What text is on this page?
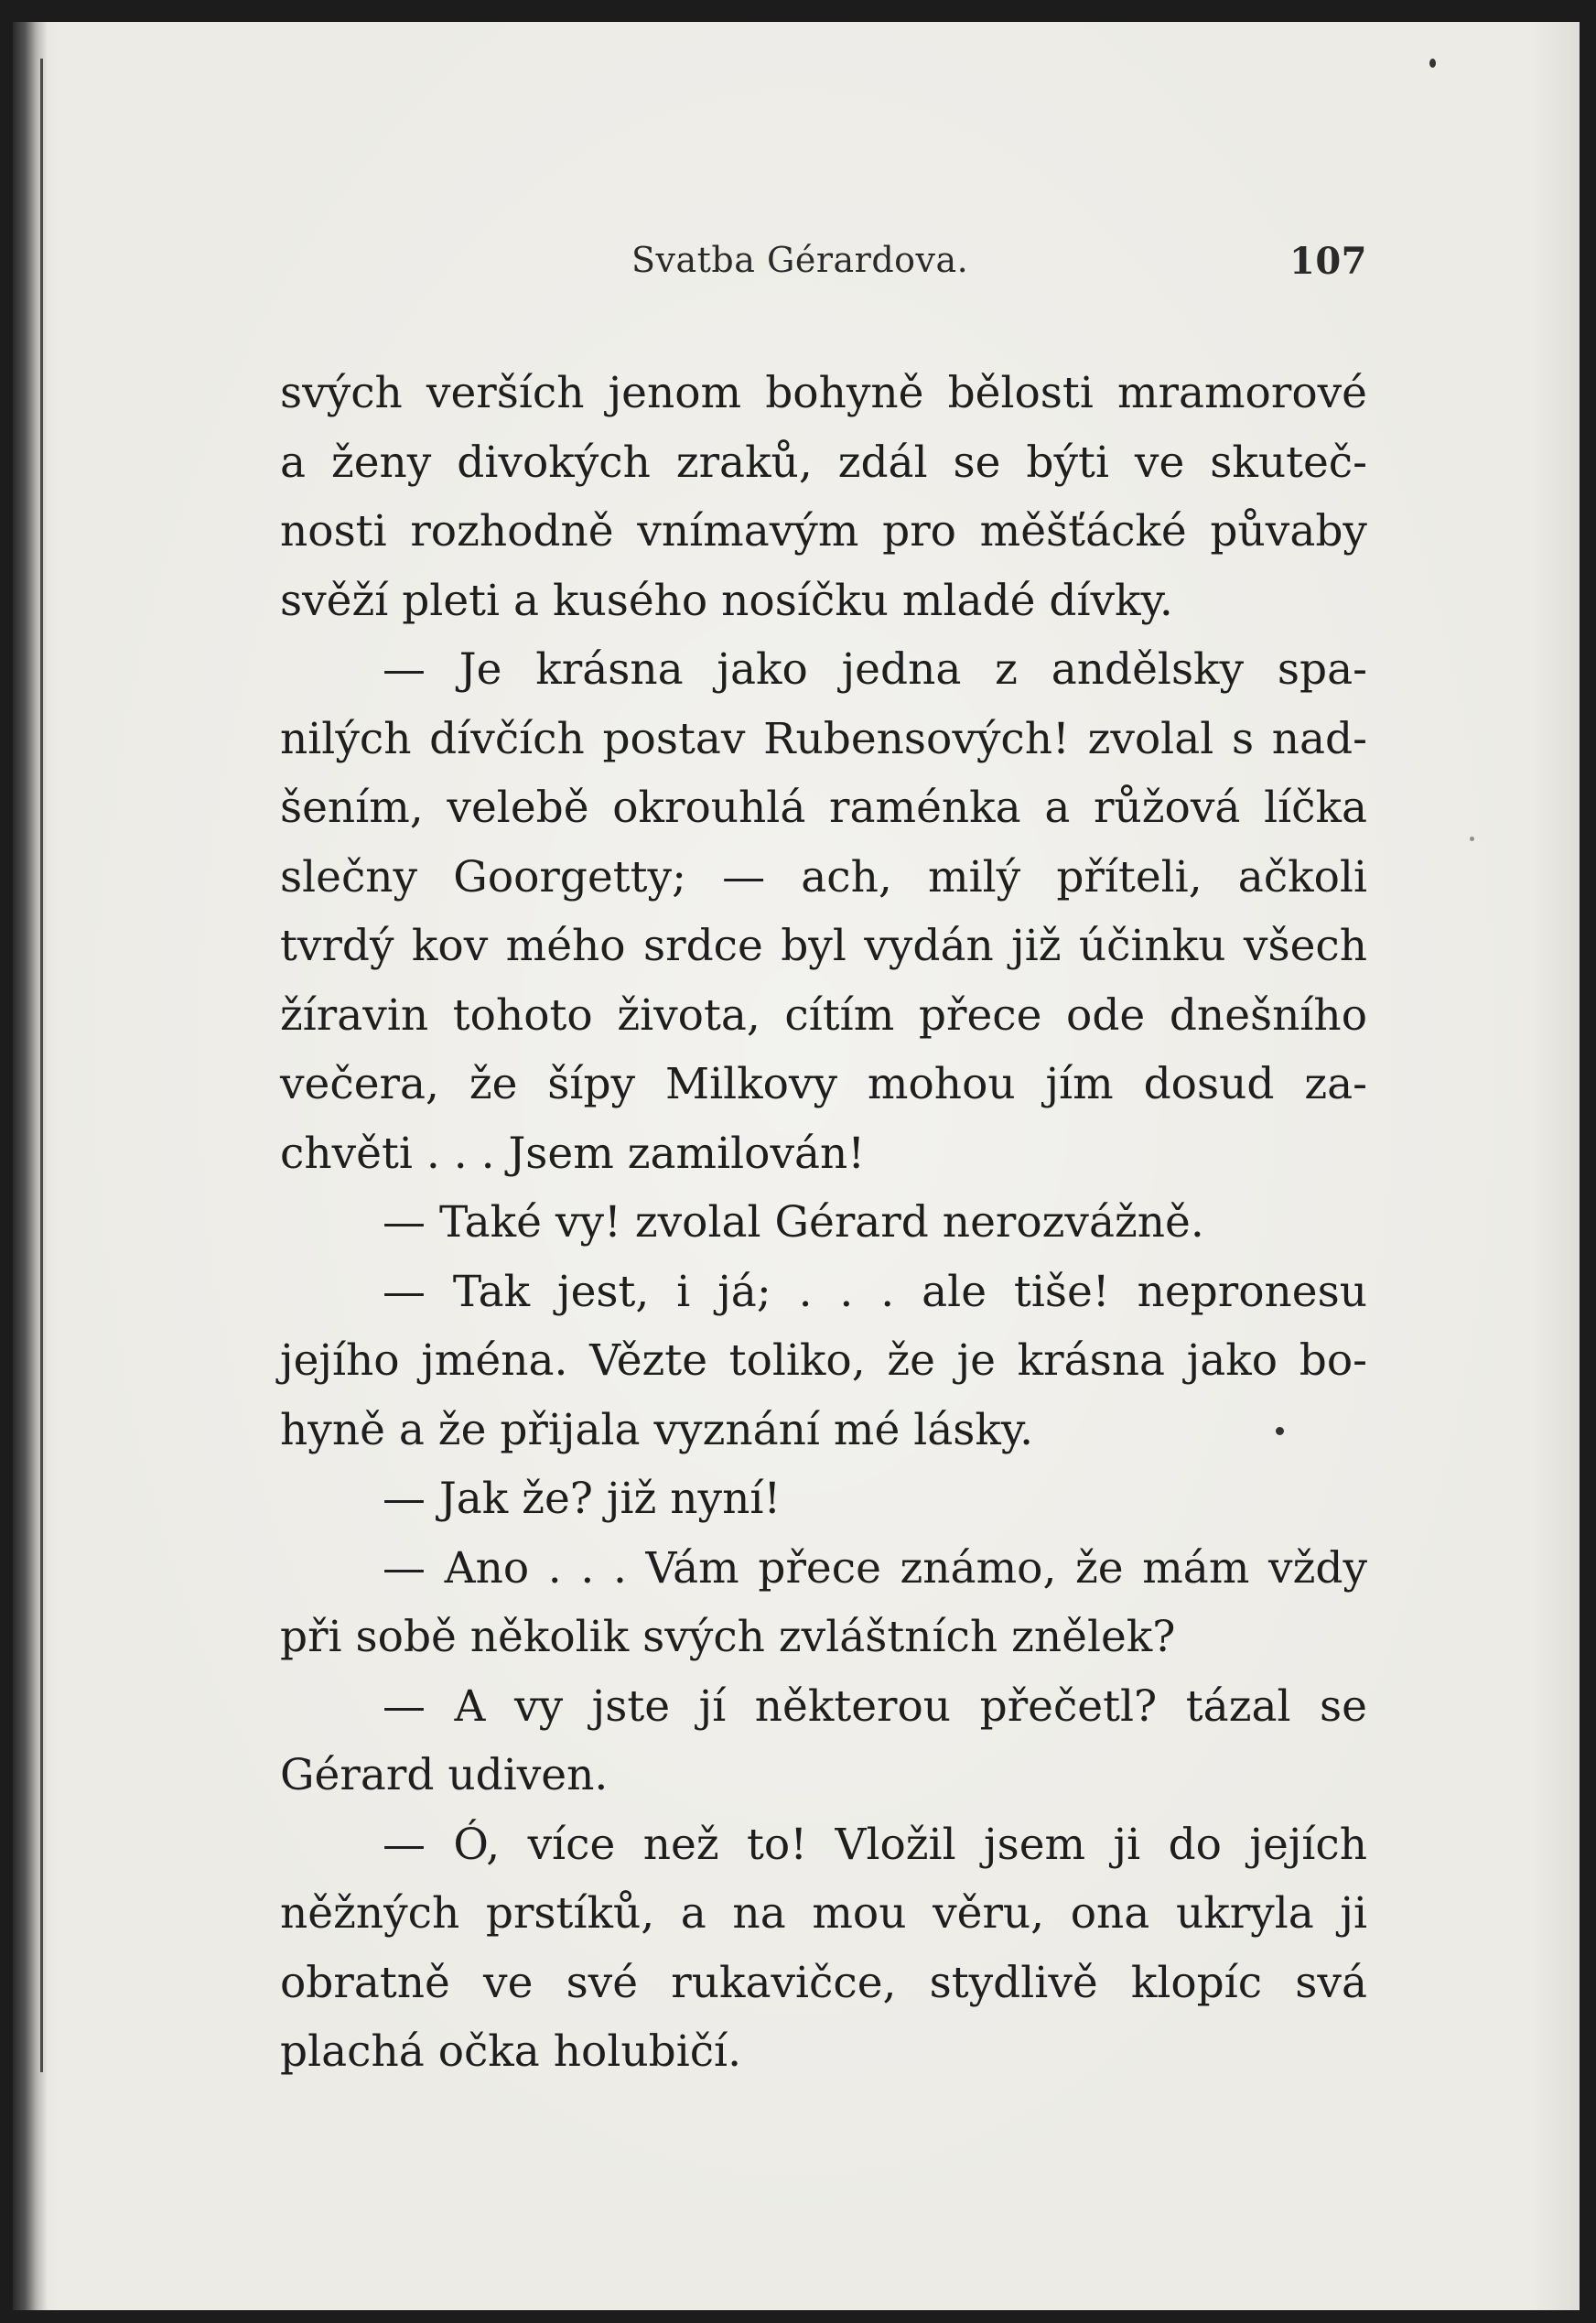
Svatba Gérardova.	107
svých verších jenom bohyně bělosti mramorové
a ženy divokých zraků, zdál se býti ve skuteč-
nosti rozhodně vnímavým pro měšťácké půvaby
svěží pleti a kusého nosíčku mladé dívky.
— Je krásna jako jedna z andělsky spa-
nilých dívčích postav Rubensových! zvolal s nad-
šením, velebě okrouhlá raménka a růžová líčka
slečny Goorgetty; — ach, milý příteli, ačkoli
tvrdý kov mého srdce byl vydán již účinku všech
žíravin tohoto života, cítím přece ode dnešního
večera, že šípy Milkovy mohou jím dosud za-
chvěti . . . Jsem zamilován!
— Také vy! zvolal Gérard nerozvážně.
— Tak jest, i já; . . . ale tiše! nepronesu
jejího jména. Vězte toliko, že je krásna jako bo-
hyně a že přijala vyznání mé lásky.
— Jak že? již nyní!
— Ano . . . Vám přece známo, že mám vždy
při sobě několik svých zvláštních znělek?
— A vy jste jí některou přečetl? tázal se
Gérard udiven.
— Ó, více než to! Vložil jsem ji do jejích
něžných prstíků, a na mou věru, ona ukryla ji
obratně ve své rukavičce, stydlivě klopíc svá
plachá očka holubičí.
